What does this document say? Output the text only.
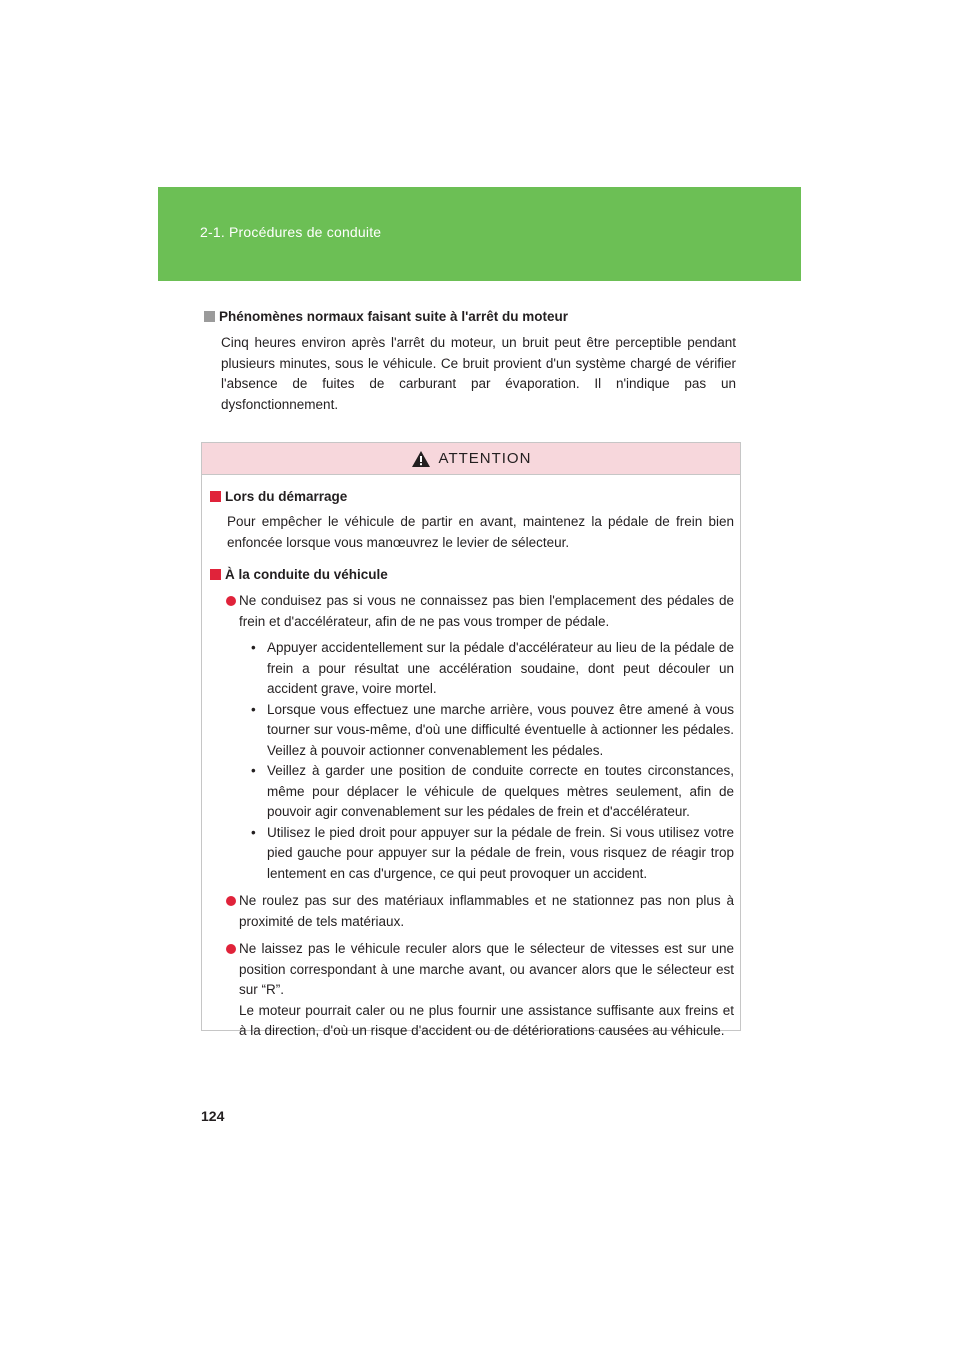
2-1. Procédures de conduite
Phénomènes normaux faisant suite à l'arrêt du moteur
Cinq heures environ après l'arrêt du moteur, un bruit peut être perceptible pendant plusieurs minutes, sous le véhicule. Ce bruit provient d'un système chargé de vérifier l'absence de fuites de carburant par évaporation. Il n'indique pas un dysfonctionnement.
ATTENTION
Lors du démarrage
Pour empêcher le véhicule de partir en avant, maintenez la pédale de frein bien enfoncée lorsque vous manœuvrez le levier de sélecteur.
À la conduite du véhicule
Ne conduisez pas si vous ne connaissez pas bien l'emplacement des pédales de frein et d'accélérateur, afin de ne pas vous tromper de pédale.
• Appuyer accidentellement sur la pédale d'accélérateur au lieu de la pédale de frein a pour résultat une accélération soudaine, dont peut découler un accident grave, voire mortel.
• Lorsque vous effectuez une marche arrière, vous pouvez être amené à vous tourner sur vous-même, d'où une difficulté éventuelle à actionner les pédales. Veillez à pouvoir actionner convenablement les pédales.
• Veillez à garder une position de conduite correcte en toutes circonstances, même pour déplacer le véhicule de quelques mètres seulement, afin de pouvoir agir convenablement sur les pédales de frein et d'accélérateur.
• Utilisez le pied droit pour appuyer sur la pédale de frein. Si vous utilisez votre pied gauche pour appuyer sur la pédale de frein, vous risquez de réagir trop lentement en cas d'urgence, ce qui peut provoquer un accident.
Ne roulez pas sur des matériaux inflammables et ne stationnez pas non plus à proximité de tels matériaux.
Ne laissez pas le véhicule reculer alors que le sélecteur de vitesses est sur une position correspondant à une marche avant, ou avancer alors que le sélecteur est sur “R”.
Le moteur pourrait caler ou ne plus fournir une assistance suffisante aux freins et à la direction, d'où un risque d'accident ou de détériorations causées au véhicule.
124
